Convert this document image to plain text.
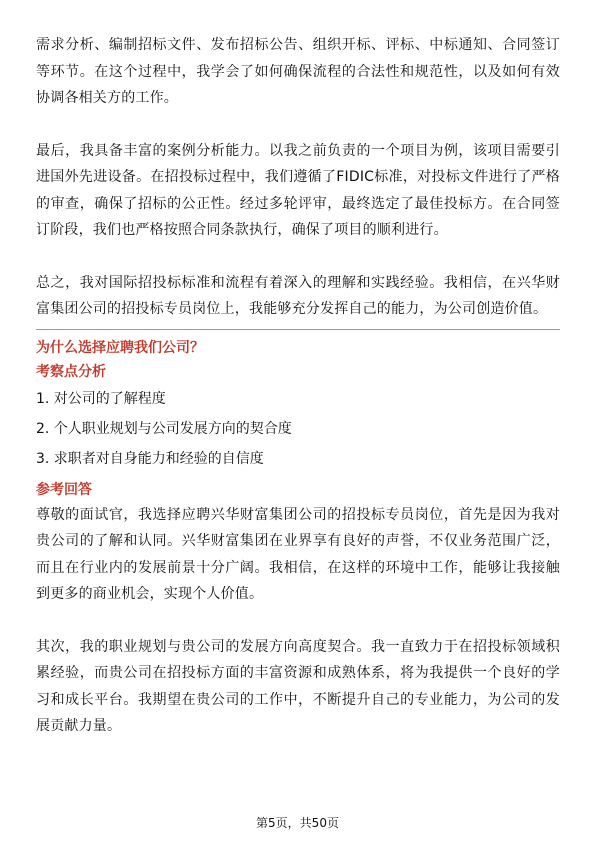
需求分析、编制招标文件、发布招标公告、组织开标、评标、中标通知、合同签订等环节。在这个过程中，我学会了如何确保流程的合法性和规范性，以及如何有效协调各相关方的工作。

最后，我具备丰富的案例分析能力。以我之前负责的一个项目为例，该项目需要引进国外先进设备。在招投标过程中，我们遵循了FIDIC标准，对投标文件进行了严格的审查，确保了招标的公正性。经过多轮评审，最终选定了最佳投标方。在合同签订阶段，我们也严格按照合同条款执行，确保了项目的顺利进行。

总之，我对国际招投标标准和流程有着深入的理解和实践经验。我相信，在兴华财富集团公司的招投标专员岗位上，我能够充分发挥自己的能力，为公司创造价值。

为什么选择应聘我们公司？

考察点分析

1. 对公司的了解程度

2. 个人职业规划与公司发展方向的契合度

3. 求职者对自身能力和经验的自信度

参考回答

尊敬的面试官，我选择应聘兴华财富集团公司的招投标专员岗位，首先是因为我对贵公司的了解和认同。兴华财富集团在业界享有良好的声誉，不仅业务范围广泛，而且在行业内的发展前景十分广阔。我相信，在这样的环境中工作，能够让我接触到更多的商业机会，实现个人价值。

其次，我的职业规划与贵公司的发展方向高度契合。我一直致力于在招投标领域积累经验，而贵公司在招投标方面的丰富资源和成熟体系，将为我提供一个良好的学习和成长平台。我期望在贵公司的工作中，不断提升自己的专业能力，为公司的发展贡献力量。

第5页，共50页
